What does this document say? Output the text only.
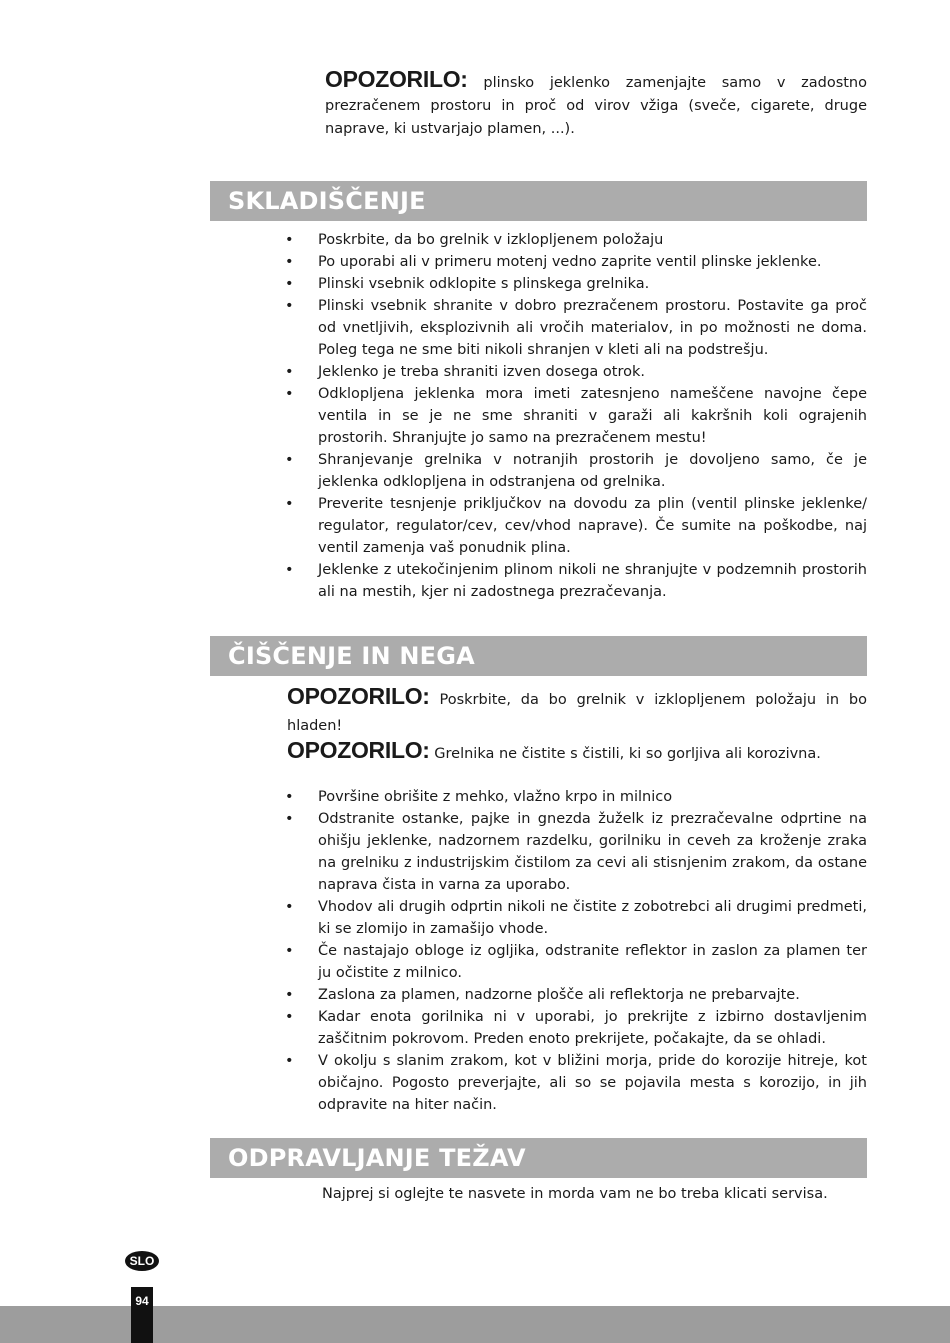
OPOZORILO: plinsko jeklenko zamenjajte samo v zadostno prezračenem prostoru in proč od virov vžiga (sveče, cigarete, druge naprave, ki ustvarjajo plamen, ...).

SKLADIŠČENJE
• Poskrbite, da bo grelnik v izklopljenem položaju
• Po uporabi ali v primeru motenj vedno zaprite ventil plinske jeklenke.
• Plinski vsebnik odklopite s plinskega grelnika.
• Plinski vsebnik shranite v dobro prezračenem prostoru. Postavite ga proč od vnetljivih, eksplozivnih ali vročih materialov, in po možnosti ne doma. Poleg tega ne sme biti nikoli shranjen v kleti ali na podstrešju.
• Jeklenko je treba shraniti izven dosega otrok.
• Odklopljena jeklenka mora imeti zatesnjeno nameščene navojne čepe ventila in se je ne sme shraniti v garaži ali kakršnih koli ograjenih prostorih. Shranjujte jo samo na prezračenem mestu!
• Shranjevanje grelnika v notranjih prostorih je dovoljeno samo, če je jeklenka odklopljena in odstranjena od grelnika.
• Preverite tesnjenje priključkov na dovodu za plin (ventil plinske jeklenke/ regulator, regulator/cev, cev/vhod naprave). Če sumite na poškodbe, naj ventil zamenja vaš ponudnik plina.
• Jeklenke z utekočinjenim plinom nikoli ne shranjujte v podzemnih prostorih ali na mestih, kjer ni zadostnega prezračevanja.
ČIŠČENJE IN NEGA

OPOZORILO: Poskrbite, da bo grelnik v izklopljenem položaju in bo hladen!

OPOZORILO: Grelnika ne čistite s čistili, ki so gorljiva ali korozivna.

• Površine obrišite z mehko, vlažno krpo in milnico
• Odstranite ostanke, pajke in gnezda žuželk iz prezračevalne odprtine na ohišju jeklenke, nadzornem razdelku, gorilniku in ceveh za kroženje zraka na grelniku z industrijskim čistilom za cevi ali stisnjenim zrakom, da ostane naprava čista in varna za uporabo.
• Vhodov ali drugih odprtin nikoli ne čistite z zobotrebci ali drugimi predmeti, ki se zlomijo in zamašijo vhode.
• Če nastajajo obloge iz ogljika, odstranite reflektor in zaslon za plamen ter ju očistite z milnico.
• Zaslona za plamen, nadzorne plošče ali reflektorja ne prebarvajte.
• Kadar enota gorilnika ni v uporabi, jo prekrijte z izbirno dostavljenim zaščitnim pokrovom. Preden enoto prekrijete, počakajte, da se ohladi.
• V okolju s slanim zrakom, kot v bližini morja, pride do korozije hitreje, kot običajno. Pogosto preverjajte, ali so se pojavila mesta s korozijo, in jih odpravite na hiter način.
ODPRAVLJANJE TEŽAV

Najprej si oglejte te nasvete in morda vam ne bo treba klicati servisa.

SLO
94
